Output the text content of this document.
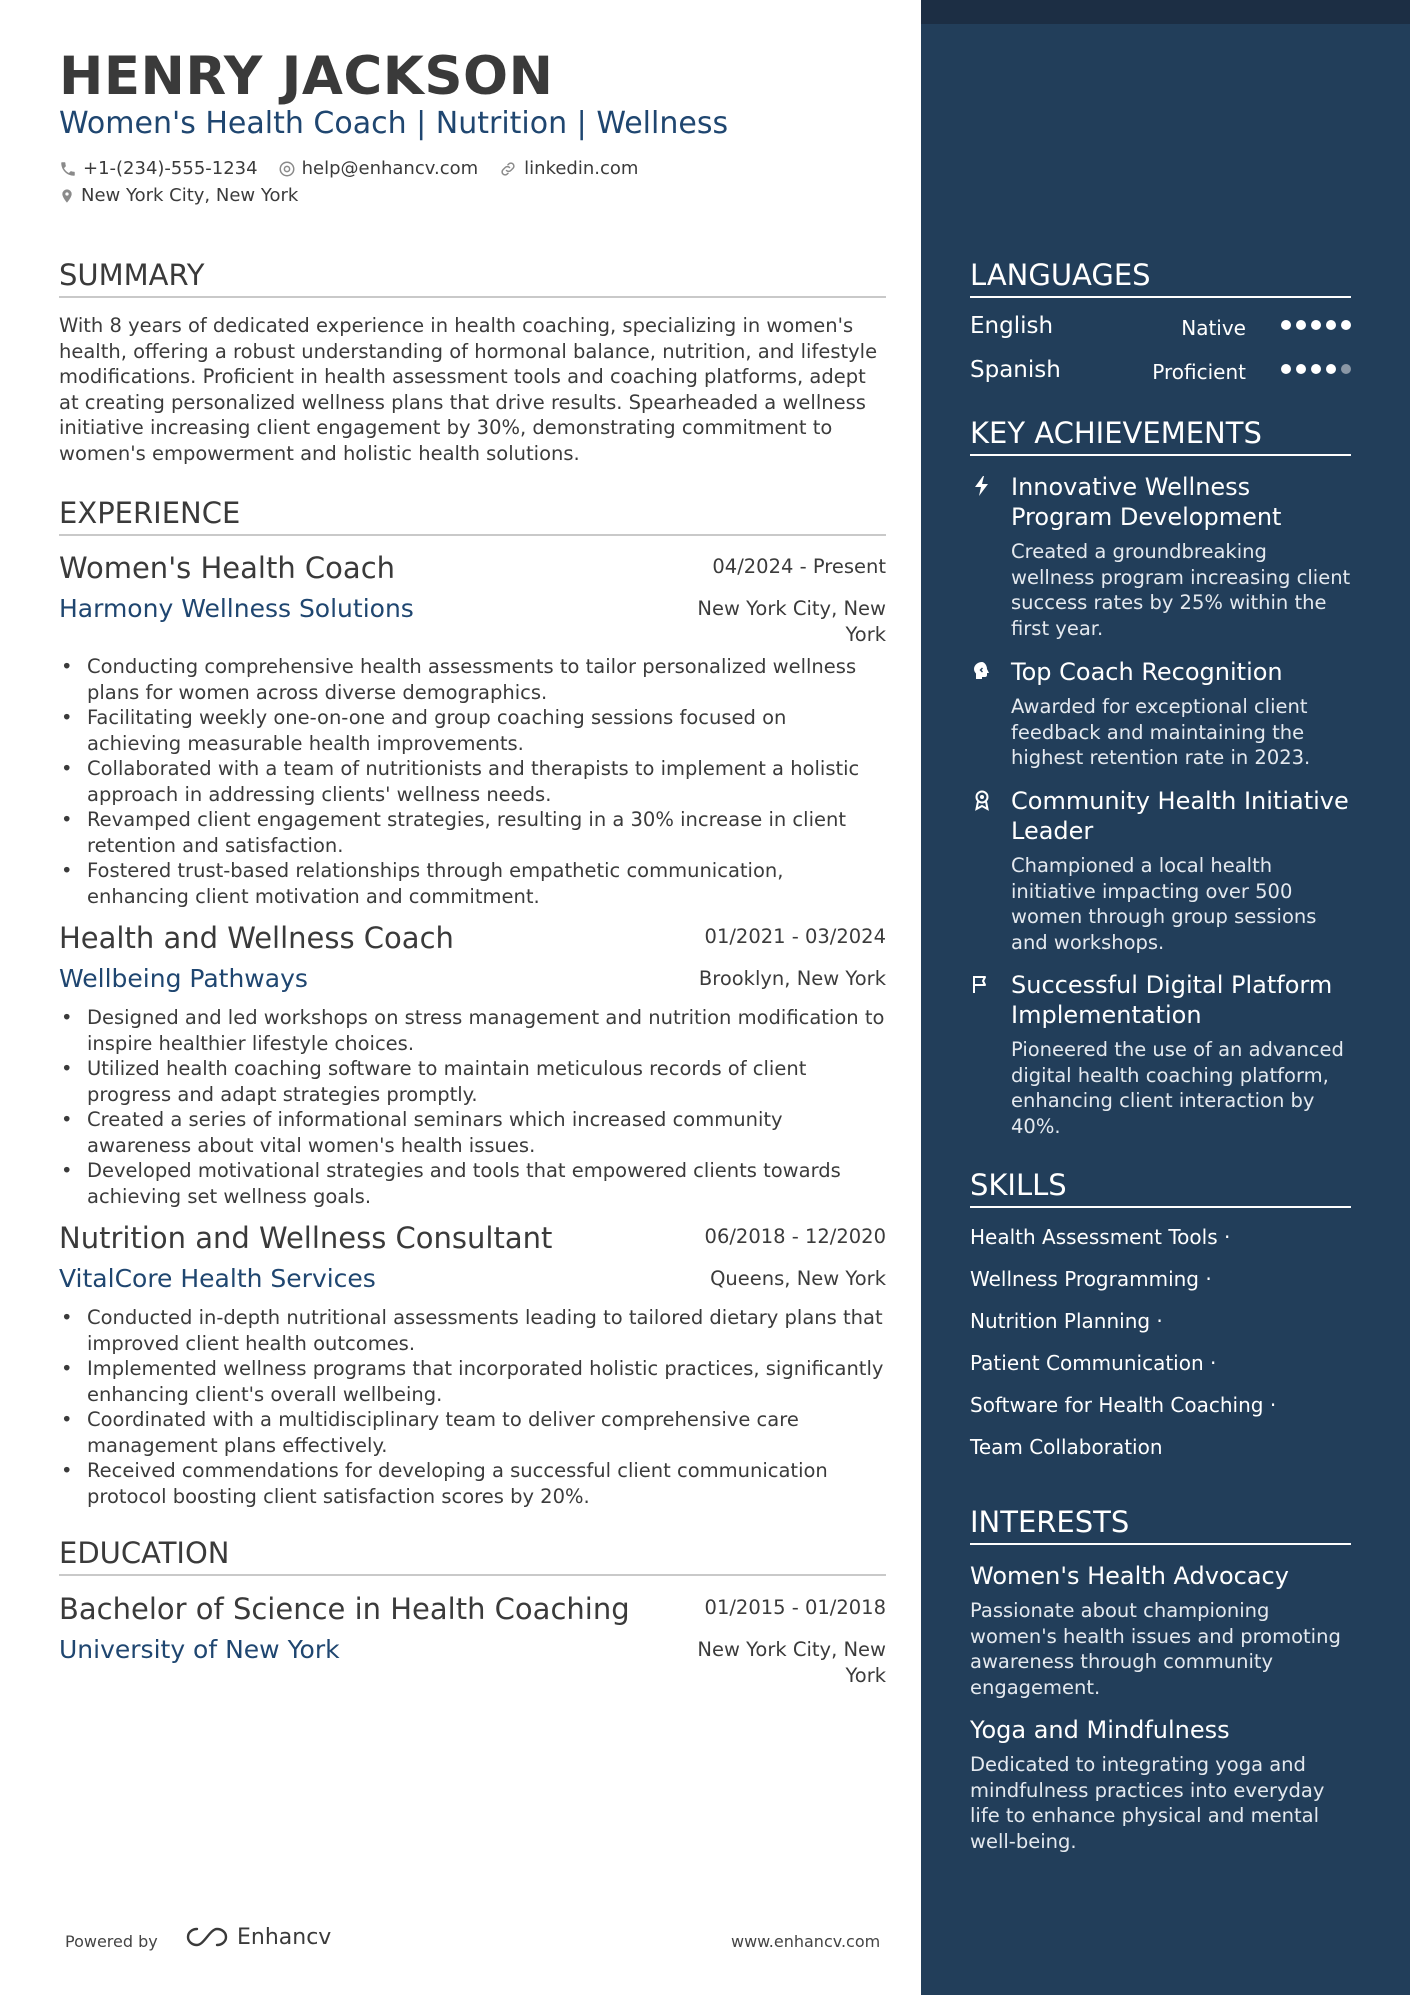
HENRY JACKSON
Women's Health Coach | Nutrition | Wellness
+1-(234)-555-1234 help@enhancv.com	linkedin.com
New York City, New York
SUMMARY
With 8 years of dedicated experience in health coaching, specializing in women's health, offering a robust understanding of hormonal balance, nutrition, and lifestyle modifications. Proficient in health assessment tools and coaching platforms, adept at creating personalized wellness plans that drive results. Spearheaded a wellness initiative increasing client engagement by 30%, demonstrating commitment to women's empowerment and holistic health solutions.
EXPERIENCE
Women's Health Coach	04/2024 - Present
Harmony Wellness Solutions	New York City, New York
• Conducting comprehensive health assessments to tailor personalized wellness plans for women across diverse demographics.
• Facilitating weekly one-on-one and group coaching sessions focused on achieving measurable health improvements.
• Collaborated with a team of nutritionists and therapists to implement a holistic approach in addressing clients' wellness needs.
• Revamped client engagement strategies, resulting in a 30% increase in client retention and satisfaction.
• Fostered trust-based relationships through empathetic communication, enhancing client motivation and commitment.
Health and Wellness Coach	01/2021 - 03/2024
Wellbeing Pathways	Brooklyn, New York
• Designed and led workshops on stress management and nutrition modification to inspire healthier lifestyle choices.
• Utilized health coaching software to maintain meticulous records of client progress and adapt strategies promptly.
• Created a series of informational seminars which increased community awareness about vital women's health issues.
• Developed motivational strategies and tools that empowered clients towards achieving set wellness goals.
Nutrition and Wellness Consultant	06/2018 - 12/2020
VitalCore Health Services	Queens, New York
• Conducted in-depth nutritional assessments leading to tailored dietary plans that improved client health outcomes.
• Implemented wellness programs that incorporated holistic practices, significantly enhancing client's overall wellbeing.
• Coordinated with a multidisciplinary team to deliver comprehensive care management plans effectively.
• Received commendations for developing a successful client communication protocol boosting client satisfaction scores by 20%.
EDUCATION
Bachelor of Science in Health Coaching	01/2015 - 01/2018
University of New York	New York City, New York
Powered by	Enhancv	www.enhancv.com
LANGUAGES
English	Native
Spanish	Proficient
KEY ACHIEVEMENTS
Innovative Wellness Program Development
Created a groundbreaking wellness program increasing client success rates by 25% within the first year.
Top Coach Recognition
Awarded for exceptional client feedback and maintaining the highest retention rate in 2023.
Community Health Initiative Leader
Championed a local health initiative impacting over 500 women through group sessions and workshops.
Successful Digital Platform Implementation
Pioneered the use of an advanced digital health coaching platform, enhancing client interaction by 40%.
SKILLS
Health Assessment Tools ·
Wellness Programming ·
Nutrition Planning ·
Patient Communication ·
Software for Health Coaching ·
Team Collaboration
INTERESTS
Women's Health Advocacy
Passionate about championing women's health issues and promoting awareness through community engagement.
Yoga and Mindfulness
Dedicated to integrating yoga and mindfulness practices into everyday life to enhance physical and mental well-being.
